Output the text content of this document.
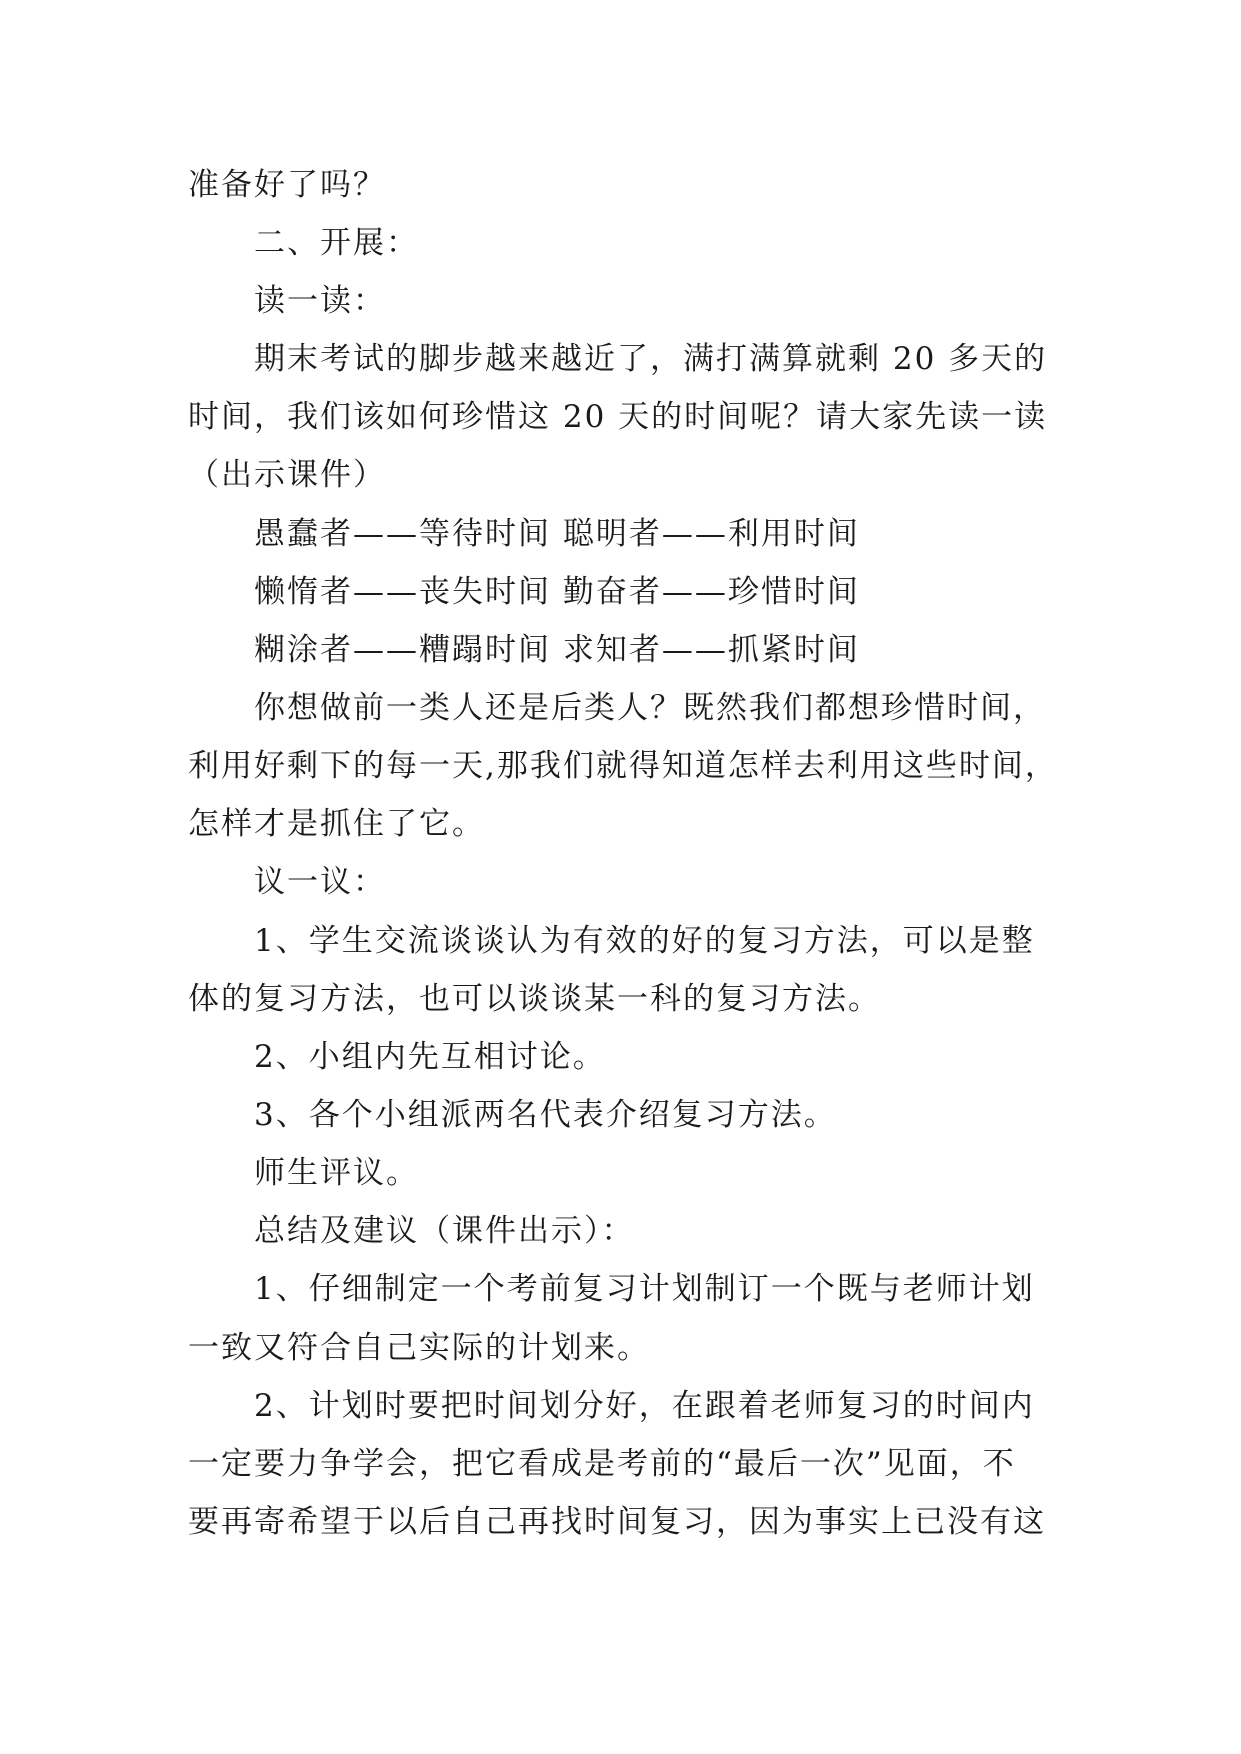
准备好了吗？
二、开展：
读一读：
期末考试的脚步越来越近了，满打满算就剩 20 多天的
时间，我们该如何珍惜这 20 天的时间呢？请大家先读一读
（出示课件）
愚蠢者——等待时间 聪明者——利用时间
懒惰者——丧失时间 勤奋者——珍惜时间
糊涂者——糟蹋时间 求知者——抓紧时间
你想做前一类人还是后类人？既然我们都想珍惜时间，
利用好剩下的每一天,那我们就得知道怎样去利用这些时间，
怎样才是抓住了它。
议一议：
1、学生交流谈谈认为有效的好的复习方法，可以是整
体的复习方法，也可以谈谈某一科的复习方法。
2、小组内先互相讨论。
3、各个小组派两名代表介绍复习方法。
师生评议。
总结及建议（课件出示）：
1、仔细制定一个考前复习计划制订一个既与老师计划
一致又符合自己实际的计划来。
2、计划时要把时间划分好，在跟着老师复习的时间内
一定要力争学会，把它看成是考前的“最后一次”见面，不
要再寄希望于以后自己再找时间复习，因为事实上已没有这
